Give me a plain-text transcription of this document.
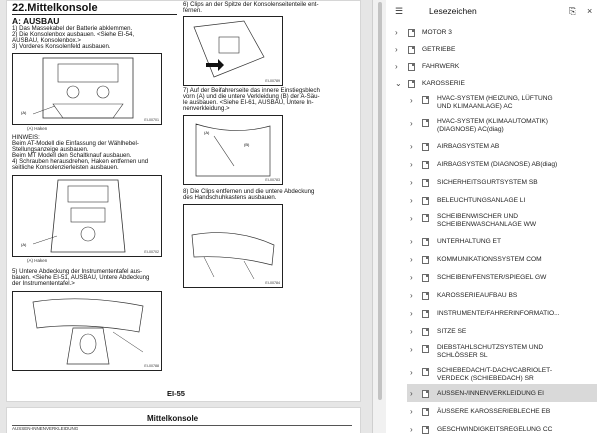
22.Mittelkonsole
A: AUSBAU
1) Das Massekabel der Batterie abklemmen.
2) Die Konsolenbox ausbauen. <Siehe EI-54,
AUSBAU, Konsolenbox.>
3) Vorderes Konsolenfeld ausbauen.
(A)
EI-00701
(A) Haken
HINWEIS:
Beim AT-Modell die Einfassung der Wählhebel-
Stellungsanzeige ausbauen.
Beim MT Modell den Schaltknauf ausbauen.
4) Schrauben herausdrehen, Haken entfernen und
seitliche Konsolenzierleisten ausbauen.
(A)
EI-00702
(A) Haken
5) Untere Abdeckung der Instrumententafel aus-
bauen. <Siehe EI-51, AUSBAU, Untere Abdeckung
der Instrumententafel.>
EI-00788
6) Clips an der Spitze der Konsolenseitenteile ent-
fernen.
EI-00789
7) Auf der Beifahrerseite das innere Einstiegsblech
vorn (A) und die untere Verkleidung (B) der A-Säu-
le ausbauen. <Siehe EI-61, AUSBAU, Untere In-
nenverkleidung.>
(A)
(B)
EI-00783
8) Die Clips entfernen und die untere Abdeckung
des Handschuhkastens ausbauen.
EI-00784
EI-55
Mittelkonsole
AUSSEN-INNENVERKLEIDUNG
☰	Lesezeichen	⎘ ×
›	MOTOR 3
›	GETRIEBE
›	FAHRWERK
⌄	KAROSSERIE
›	HVAC-SYSTEM (HEIZUNG, LÜFTUNG
UND KLIMAANLAGE) AC
›	HVAC-SYSTEM (KLIMAAUTOMATIK)
(DIAGNOSE) AC(diag)
›	AIRBAGSYSTEM AB
›	AIRBAGSYSTEM (DIAGNOSE) AB(diag)
›	SICHERHEITSGURTSYSTEM SB
›	BELEUCHTUNGSANLAGE LI
›	SCHEIBENWISCHER UND
SCHEIBENWASCHANLAGE WW
›	UNTERHALTUNG ET
›	KOMMUNIKATIONSSYSTEM COM
›	SCHEIBEN/FENSTER/SPIEGEL GW
›	KAROSSERIEAUFBAU BS
›	INSTRUMENTE/FAHRERINFORMATIO...
›	SITZE SE
›	DIEBSTAHLSCHUTZSYSTEM UND
SCHLÖSSER SL
›	SCHIEBEDACH/T-DACH/CABRIOLET-
VERDECK (SCHIEBEDACH) SR
›	AUSSEN-/INNENVERKLEIDUNG EI
›	ÄUSSERE KAROSSERIEBLECHE EB
›	GESCHWINDIGKEITSREGELUNG CC
